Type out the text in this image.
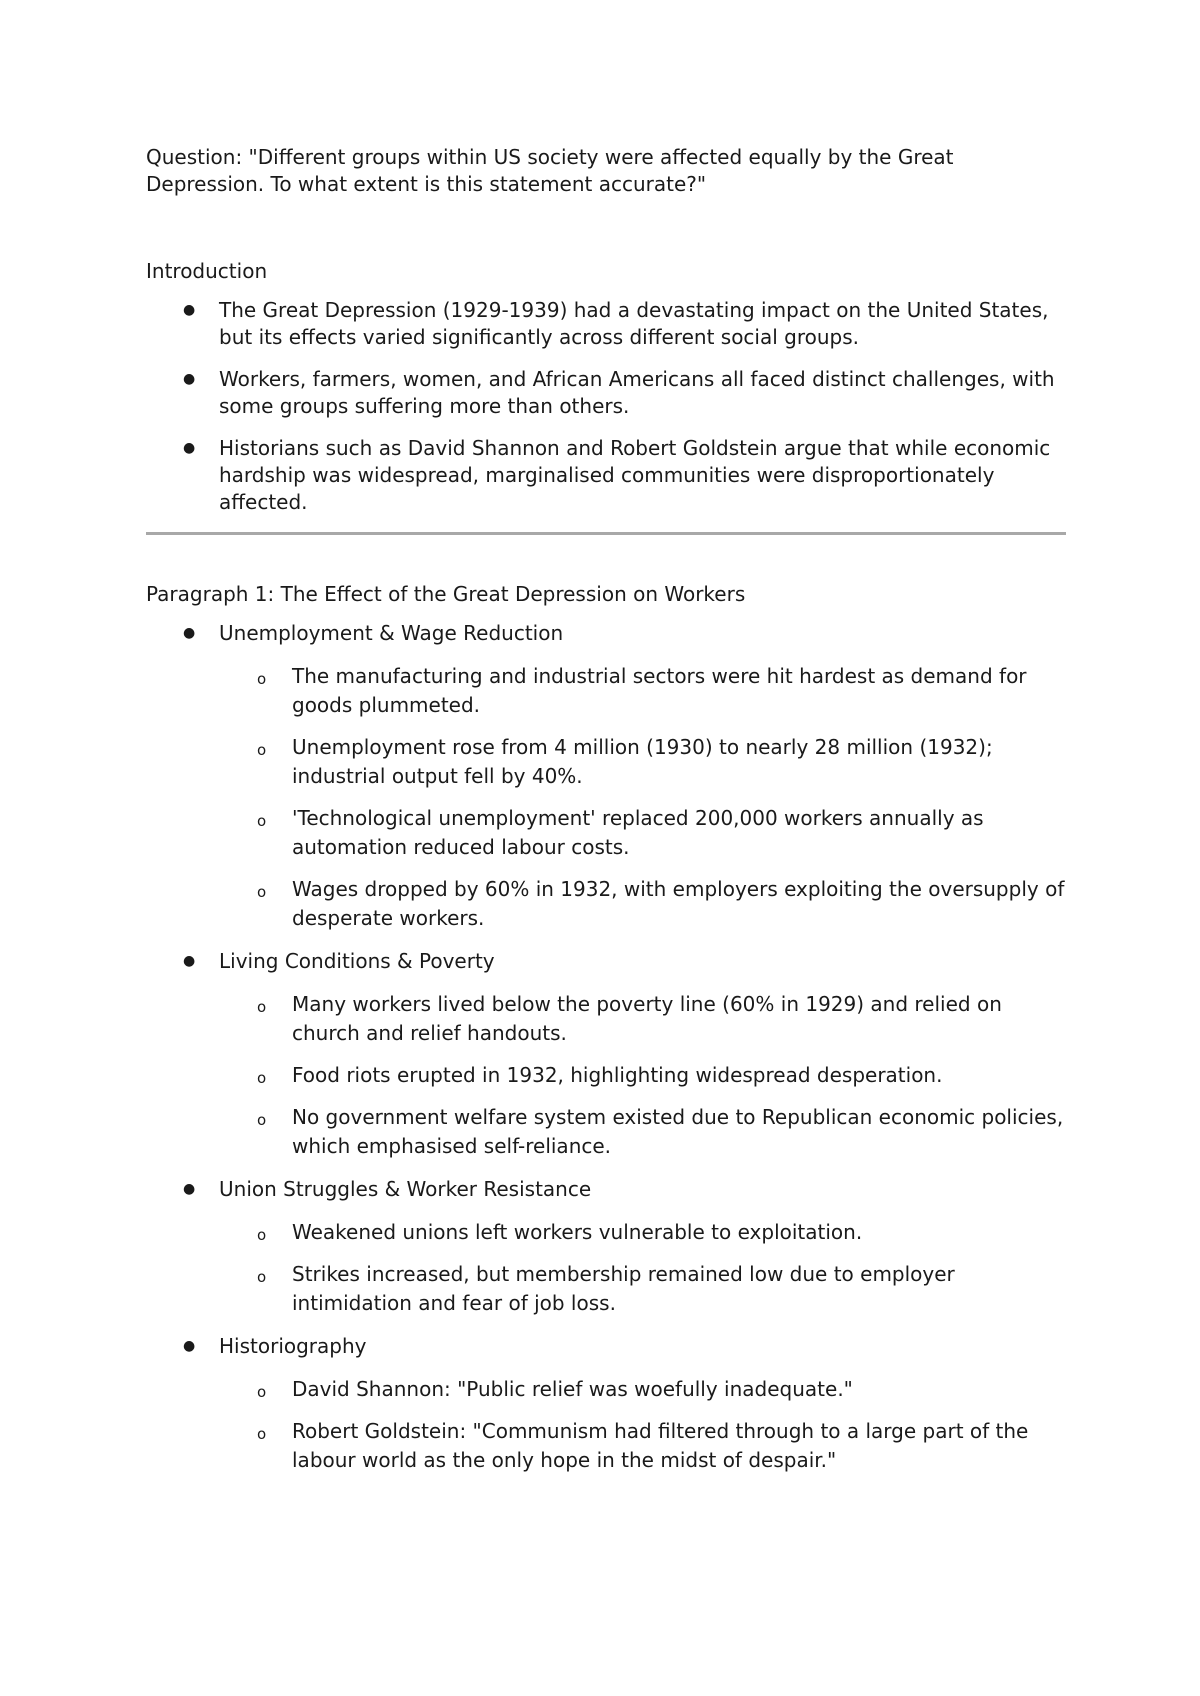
Question: "Different groups within US society were affected equally by the Great Depression. To what extent is this statement accurate?"

Introduction

● The Great Depression (1929-1939) had a devastating impact on the United States, but its effects varied significantly across different social groups.
● Workers, farmers, women, and African Americans all faced distinct challenges, with some groups suffering more than others.
● Historians such as David Shannon and Robert Goldstein argue that while economic hardship was widespread, marginalised communities were disproportionately affected.

Paragraph 1: The Effect of the Great Depression on Workers

● Unemployment & Wage Reduction
o The manufacturing and industrial sectors were hit hardest as demand for goods plummeted.
o Unemployment rose from 4 million (1930) to nearly 28 million (1932); industrial output fell by 40%.
o 'Technological unemployment' replaced 200,000 workers annually as automation reduced labour costs.
o Wages dropped by 60% in 1932, with employers exploiting the oversupply of desperate workers.
● Living Conditions & Poverty
o Many workers lived below the poverty line (60% in 1929) and relied on church and relief handouts.
o Food riots erupted in 1932, highlighting widespread desperation.
o No government welfare system existed due to Republican economic policies, which emphasised self-reliance.
● Union Struggles & Worker Resistance
o Weakened unions left workers vulnerable to exploitation.
o Strikes increased, but membership remained low due to employer intimidation and fear of job loss.
● Historiography
o David Shannon: "Public relief was woefully inadequate."
o Robert Goldstein: "Communism had filtered through to a large part of the labour world as the only hope in the midst of despair."
